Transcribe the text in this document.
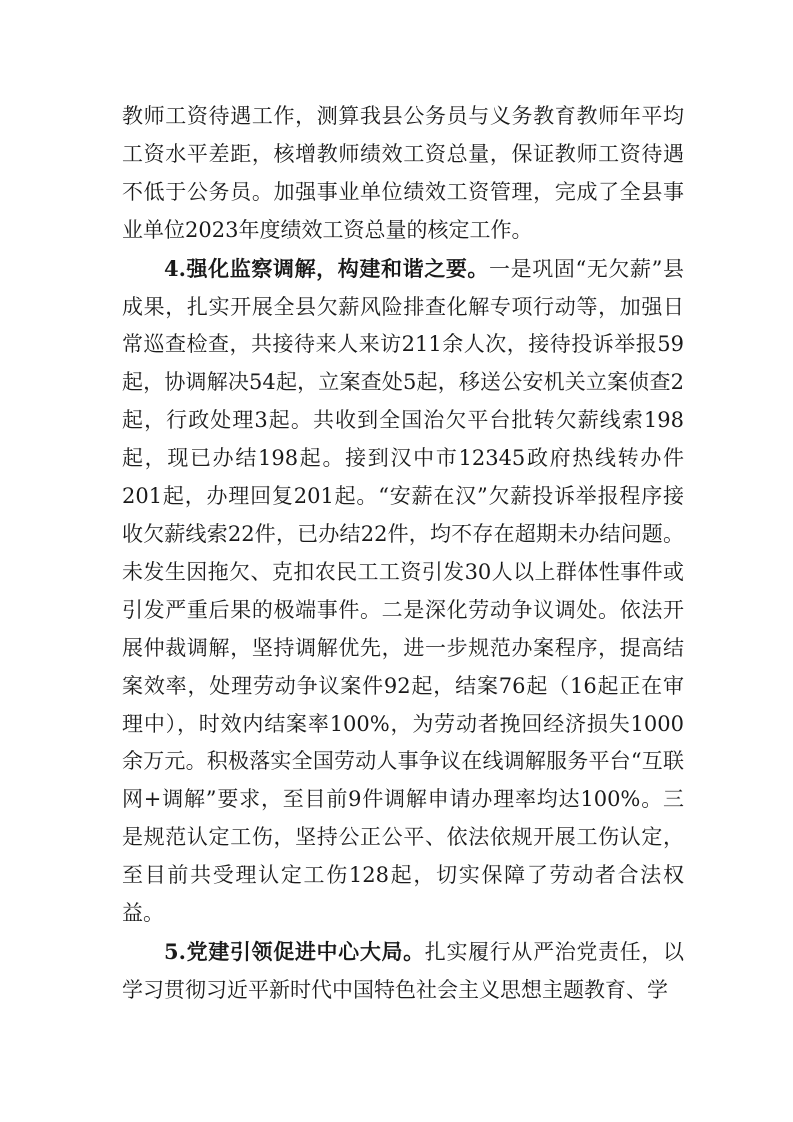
教师工资待遇工作，测算我县公务员与义务教育教师年平均工资水平差距，核增教师绩效工资总量，保证教师工资待遇不低于公务员。加强事业单位绩效工资管理，完成了全县事业单位2023年度绩效工资总量的核定工作。

4.强化监察调解，构建和谐之要。一是巩固“无欠薪”县成果，扎实开展全县欠薪风险排查化解专项行动等，加强日常巡查检查，共接待来人来访211余人次，接待投诉举报59起，协调解决54起，立案查处5起，移送公安机关立案侦查2起，行政处理3起。共收到全国治欠平台批转欠薪线索198起，现已办结198起。接到汉中市12345政府热线转办件201起，办理回复201起。“安薪在汉”欠薪投诉举报程序接收欠薪线索22件，已办结22件，均不存在超期未办结问题。未发生因拖欠、克扣农民工工资引发30人以上群体性事件或引发严重后果的极端事件。二是深化劳动争议调处。依法开展仲裁调解，坚持调解优先，进一步规范办案程序，提高结案效率，处理劳动争议案件92起，结案76起（16起正在审理中），时效内结案率100%，为劳动者挽回经济损失1000余万元。积极落实全国劳动人事争议在线调解服务平台“互联网+调解”要求，至目前9件调解申请办理率均达100%。三是规范认定工伤，坚持公正公平、依法依规开展工伤认定，至目前共受理认定工伤128起，切实保障了劳动者合法权益。

5.党建引领促进中心大局。扎实履行从严治党责任，以学习贯彻习近平新时代中国特色社会主义思想主题教育、学
